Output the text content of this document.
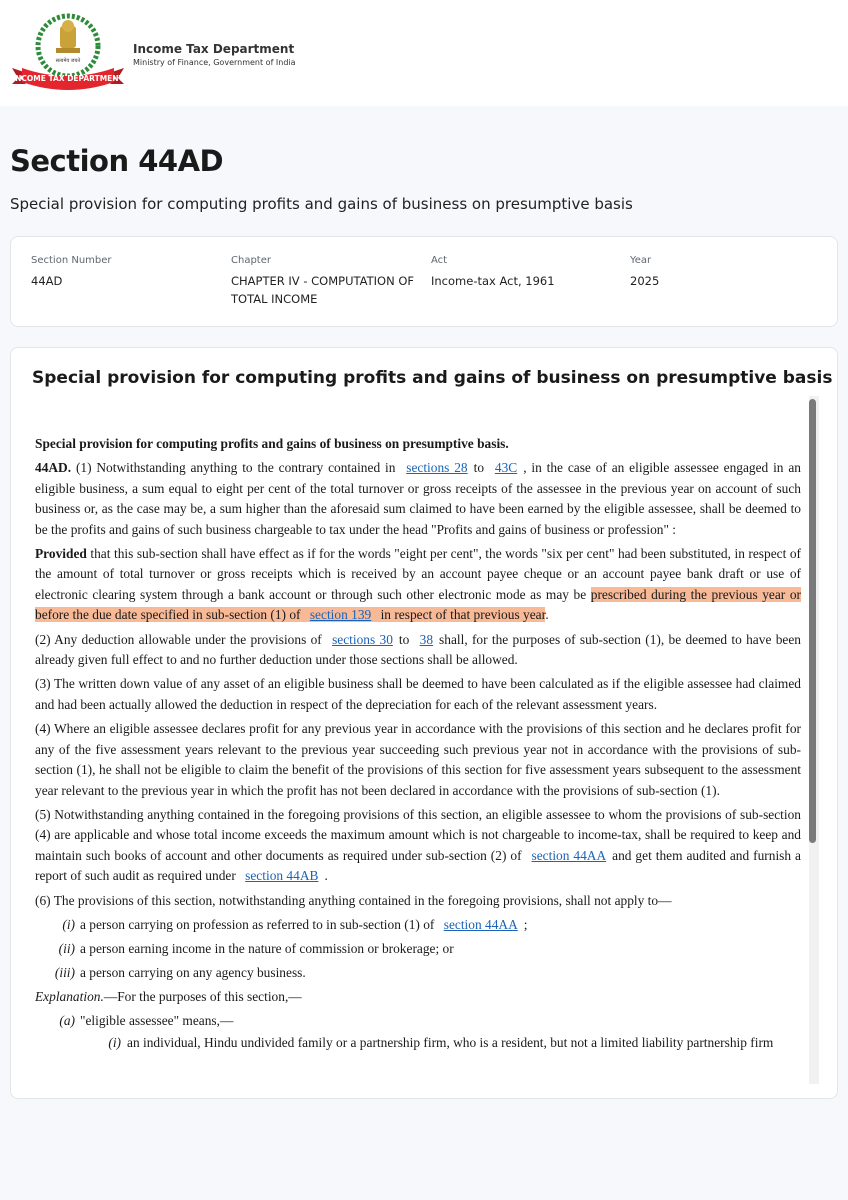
सत्यमेव जयते
INCOME TAX DEPARTMENT
Income Tax Department
Ministry of Finance, Government of India
Section 44AD
Special provision for computing profits and gains of business on presumptive basis
Section Number
44AD
Chapter
CHAPTER IV - COMPUTATION OF TOTAL INCOME
Act
Income-tax Act, 1961
Year
2025
Special provision for computing profits and gains of business on presumptive basis

Special provision for computing profits and gains of business on presumptive basis.

44AD. (1) Notwithstanding anything to the contrary contained in sections 28 to 43C , in the case of an eligible assessee engaged in an eligible business, a sum equal to eight per cent of the total turnover or gross receipts of the assessee in the previous year on account of such business or, as the case may be, a sum higher than the aforesaid sum claimed to have been earned by the eligible assessee, shall be deemed to be the profits and gains of such business chargeable to tax under the head "Profits and gains of business or profession" :

Provided that this sub-section shall have effect as if for the words "eight per cent", the words "six per cent" had been substituted, in respect of the amount of total turnover or gross receipts which is received by an account payee cheque or an account payee bank draft or use of electronic clearing system through a bank account or through such other electronic mode as may be prescribed during the previous year or before the due date specified in sub-section (1) of section 139 in respect of that previous year.

(2) Any deduction allowable under the provisions of sections 30 to 38 shall, for the purposes of sub-section (1), be deemed to have been already given full effect to and no further deduction under those sections shall be allowed.

(3) The written down value of any asset of an eligible business shall be deemed to have been calculated as if the eligible assessee had claimed and had been actually allowed the deduction in respect of the depreciation for each of the relevant assessment years.

(4) Where an eligible assessee declares profit for any previous year in accordance with the provisions of this section and he declares profit for any of the five assessment years relevant to the previous year succeeding such previous year not in accordance with the provisions of sub-section (1), he shall not be eligible to claim the benefit of the provisions of this section for five assessment years subsequent to the assessment year relevant to the previous year in which the profit has not been declared in accordance with the provisions of sub-section (1).

(5) Notwithstanding anything contained in the foregoing provisions of this section, an eligible assessee to whom the provisions of sub-section (4) are applicable and whose total income exceeds the maximum amount which is not chargeable to income-tax, shall be required to keep and maintain such books of account and other documents as required under sub-section (2) of section 44AA and get them audited and furnish a report of such audit as required under section 44AB .

(6) The provisions of this section, notwithstanding anything contained in the foregoing provisions, shall not apply to—

(i) a person carrying on profession as referred to in sub-section (1) of section 44AA ;
(ii) a person earning income in the nature of commission or brokerage; or
(iii) a person carrying on any agency business.

Explanation.—For the purposes of this section,—

(a) "eligible assessee" means,—
(i) an individual, Hindu undivided family or a partnership firm, who is a resident, but not a limited liability partnership firm
